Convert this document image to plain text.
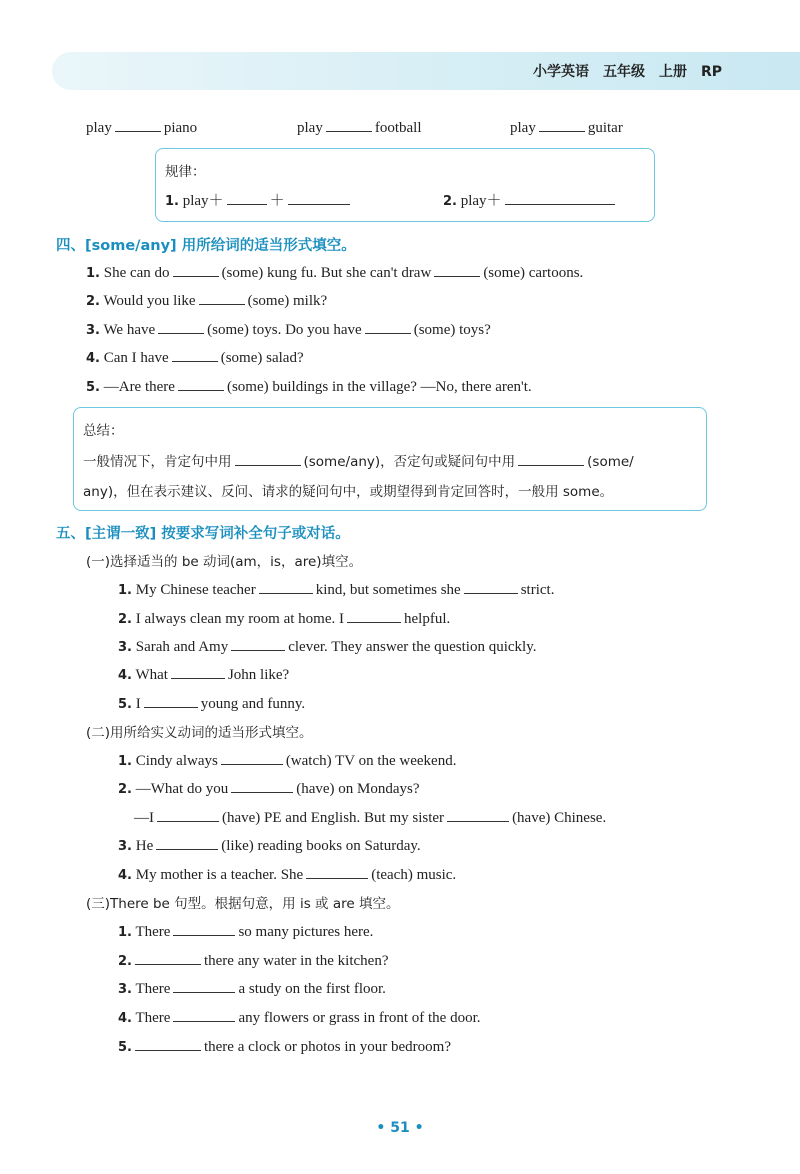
小学英语　五年级　上册　RP
play	piano	play	football	play	guitar
规律：
1. play＋	＋	2. play＋
四、[some/any] 用所给词的适当形式填空。
1. She can do	(some) kung fu. But she can't draw	(some) cartoons.
2. Would you like	(some) milk?
3. We have	(some) toys. Do you have	(some) toys?
4. Can I have	(some) salad?
5. —Are there	(some) buildings in the village? —No, there aren't.
总结：
一般情况下，肯定句中用	(some/any)，否定句或疑问句中用	(some/
any)，但在表示建议、反问、请求的疑问句中，或期望得到肯定回答时，一般用 some。
五、[主谓一致] 按要求写词补全句子或对话。
(一)选择适当的 be 动词(am，is，are)填空。
1. My Chinese teacher	kind, but sometimes she	strict.
2. I always clean my room at home. I	helpful.
3. Sarah and Amy	clever. They answer the question quickly.
4. What	John like?
5. I	young and funny.
(二)用所给实义动词的适当形式填空。
1. Cindy always	(watch) TV on the weekend.
2. —What do you	(have) on Mondays?
—I	(have) PE and English. But my sister	(have) Chinese.
3. He	(like) reading books on Saturday.
4. My mother is a teacher. She	(teach) music.
(三)There be 句型。根据句意，用 is 或 are 填空。
1. There	so many pictures here.
2.	there any water in the kitchen?
3. There	a study on the first floor.
4. There	any flowers or grass in front of the door.
5.	there a clock or photos in your bedroom?
• 51 •
